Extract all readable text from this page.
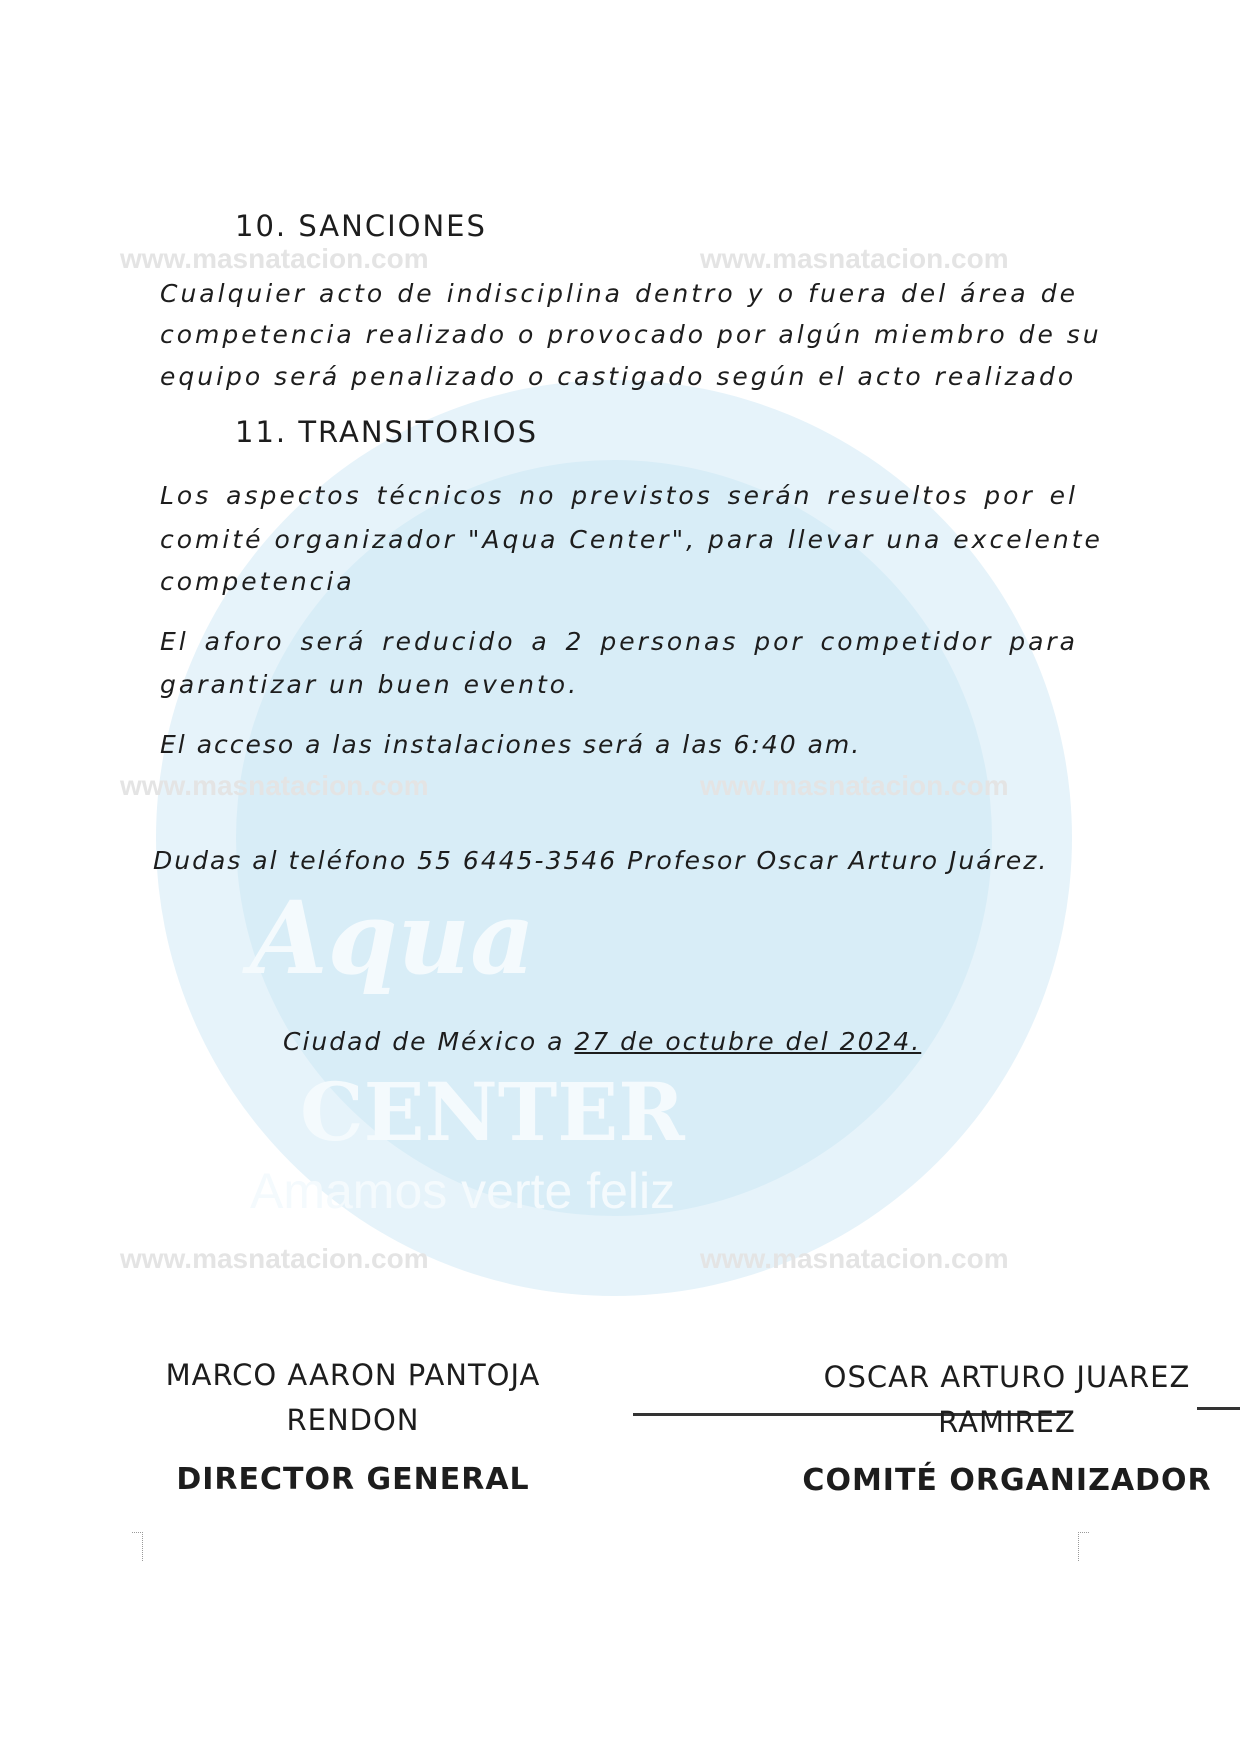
Aqua
CENTER
Amamos verte feliz
www.masnatacion.com	www.masnatacion.com
www.masnatacion.com	www.masnatacion.com
www.masnatacion.com	www.masnatacion.com
10. SANCIONES
Cualquier acto de indisciplina dentro y o fuera del área de
competencia realizado o provocado por algún miembro de su
equipo será penalizado o castigado según el acto realizado
11. TRANSITORIOS
Los aspectos técnicos no previstos serán resueltos por el
comité organizador "Aqua Center", para llevar una excelente
competencia
El aforo será reducido a 2 personas por competidor para
garantizar un buen evento.
El acceso a las instalaciones será a las 6:40 am.
Dudas al teléfono 55 6445-3546 Profesor Oscar Arturo Juárez.
Ciudad de México a 27 de octubre del 2024.
MARCO AARON PANTOJA
RENDON
DIRECTOR GENERAL
OSCAR ARTURO JUAREZ
RAMIREZ
COMITÉ ORGANIZADOR
